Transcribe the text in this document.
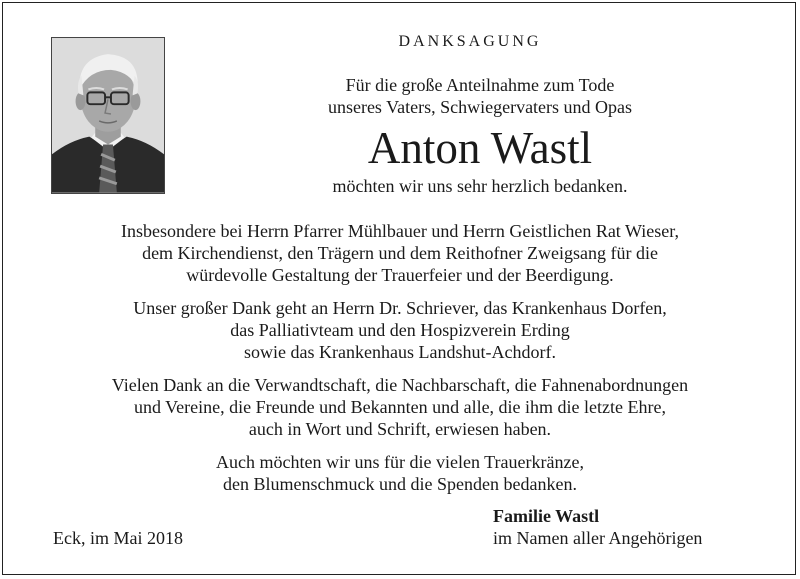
DANKSAGUNG
Für die große Anteilnahme zum Tode
unseres Vaters, Schwiegervaters und Opas
Anton Wastl
möchten wir uns sehr herzlich bedanken.
Insbesondere bei Herrn Pfarrer Mühlbauer und Herrn Geistlichen Rat Wieser,
dem Kirchendienst, den Trägern und dem Reithofner Zweigsang für die
würdevolle Gestaltung der Trauerfeier und der Beerdigung.
Unser großer Dank geht an Herrn Dr. Schriever, das Krankenhaus Dorfen,
das Palliativteam und den Hospizverein Erding
sowie das Krankenhaus Landshut-Achdorf.
Vielen Dank an die Verwandtschaft, die Nachbarschaft, die Fahnenabordnungen
und Vereine, die Freunde und Bekannten und alle, die ihm die letzte Ehre,
auch in Wort und Schrift, erwiesen haben.
Auch möchten wir uns für die vielen Trauerkränze,
den Blumenschmuck und die Spenden bedanken.
Eck, im Mai 2018
Familie Wastl
im Namen aller Angehörigen
